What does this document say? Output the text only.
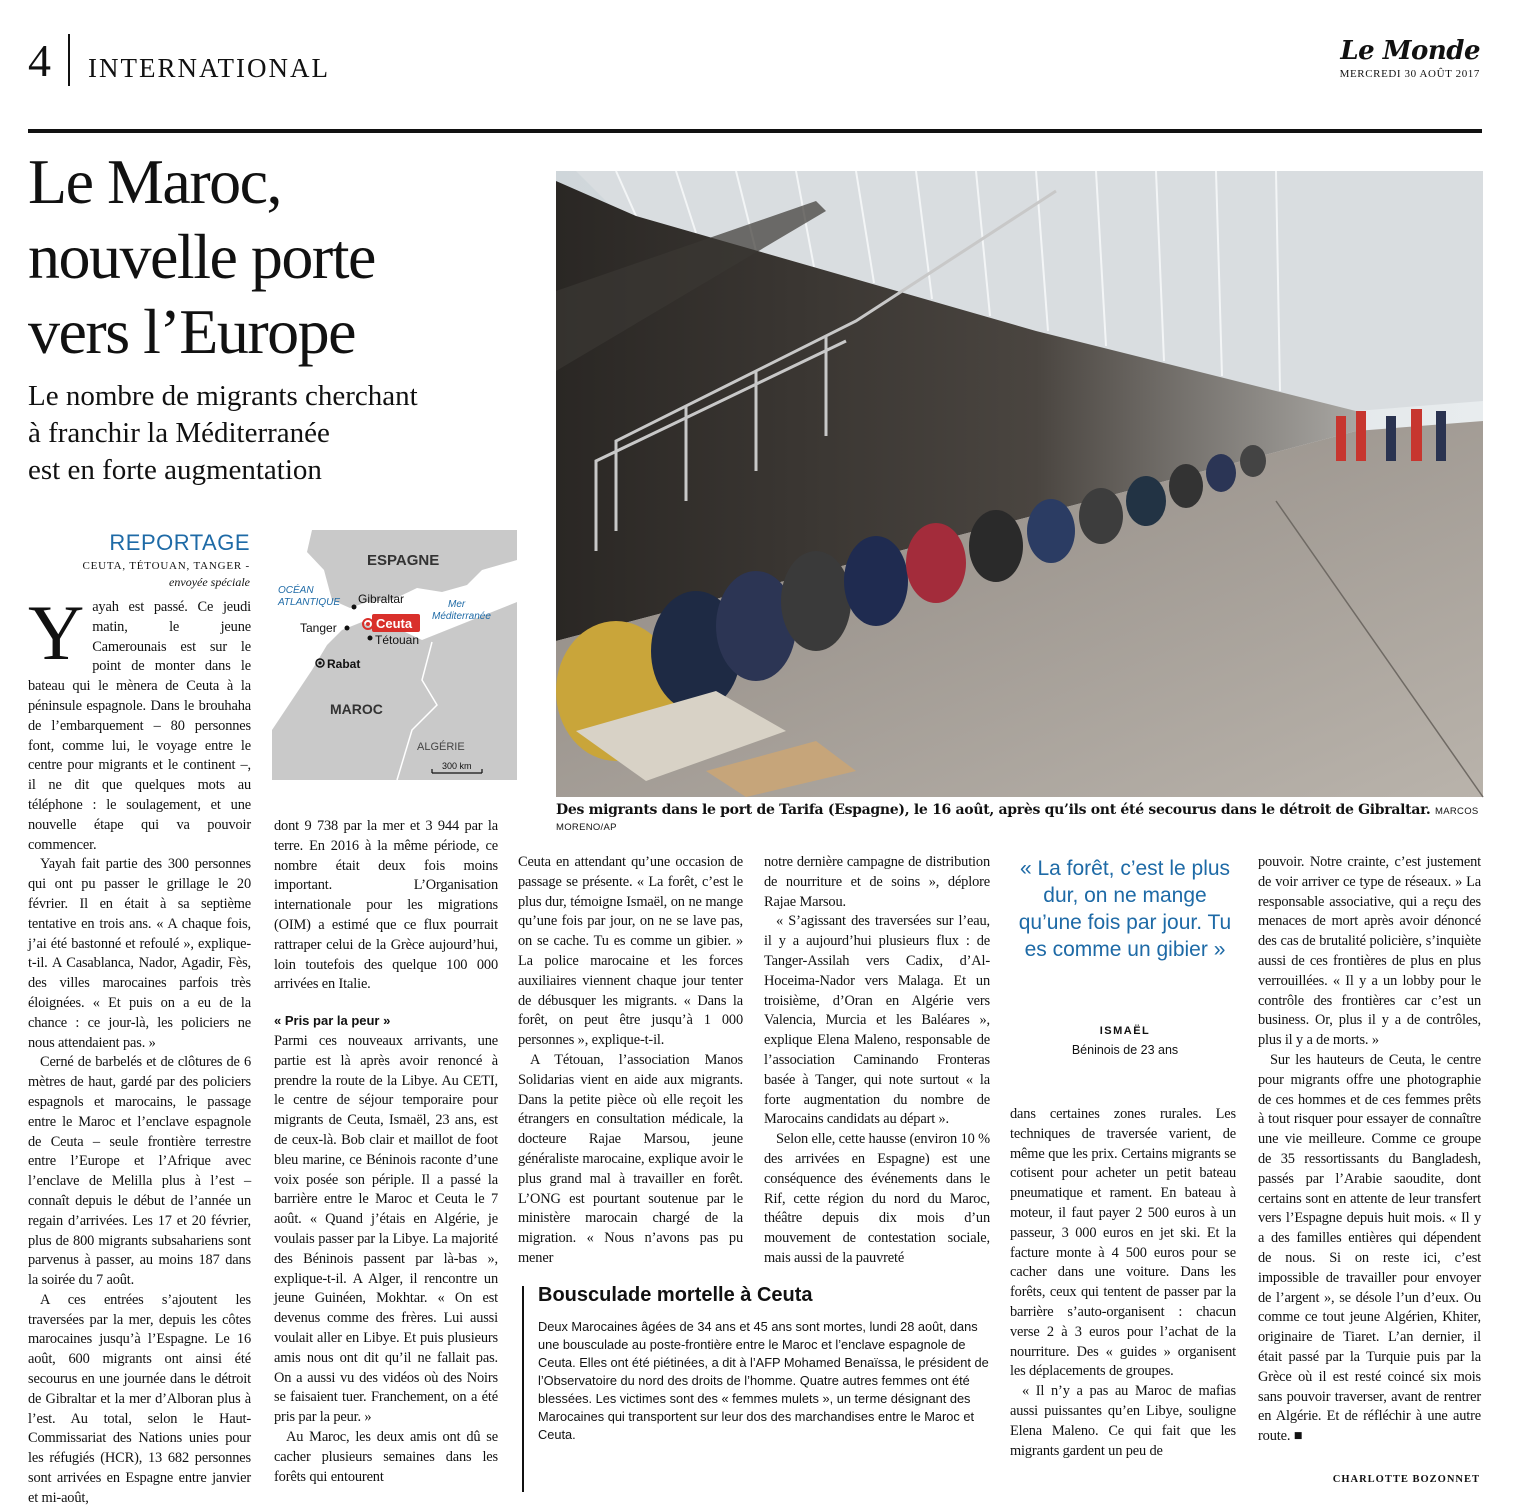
4 INTERNATIONAL
Le Monde
MERCREDI 30 AOÛT 2017
Le Maroc,
nouvelle porte
vers l’Europe
Le nombre de migrants cherchant
à franchir la Méditerranée
est en forte augmentation
REPORTAGE
CEUTA, TÉTOUAN, TANGER -
envoyée spéciale
ESPAGNE
OCÉAN
ATLANTIQUE	Mer
Méditerranée
Gibraltar
Tanger	Ceuta
Tétouan
Rabat
MAROC
ALGÉRIE
300 km
Des migrants dans le port de Tarifa (Espagne), le 16 août, après qu’ils ont été secourus dans le détroit de Gibraltar. MARCOS MORENO/AP

Yayah est passé. Ce jeudi matin, le jeune Camerounais est sur le point de monter dans le bateau qui le mènera de Ceuta à la péninsule espagnole. Dans le brouhaha de l’embarquement – 80 personnes font, comme lui, le voyage entre le centre pour migrants et le continent –, il ne dit que quelques mots au téléphone : le soulagement, et une nouvelle étape qui va pouvoir commencer.

Yayah fait partie des 300 personnes qui ont pu passer le grillage le 20 février. Il en était à sa septième tentative en trois ans. « A chaque fois, j’ai été bastonné et refoulé », explique-t-il. A Casablanca, Nador, Agadir, Fès, des villes marocaines parfois très éloignées. « Et puis on a eu de la chance : ce jour-là, les policiers ne nous attendaient pas. »

Cerné de barbelés et de clôtures de 6 mètres de haut, gardé par des policiers espagnols et marocains, le passage entre le Maroc et l’enclave espagnole de Ceuta – seule frontière terrestre entre l’Europe et l’Afrique avec l’enclave de Melilla plus à l’est – connaît depuis le début de l’année un regain d’arrivées. Les 17 et 20 février, plus de 800 migrants subsahariens sont parvenus à passer, au moins 187 dans la soirée du 7 août.

A ces entrées s’ajoutent les traversées par la mer, depuis les côtes marocaines jusqu’à l’Espagne. Le 16 août, 600 migrants ont ainsi été secourus en une journée dans le détroit de Gibraltar et la mer d’Alboran plus à l’est. Au total, selon le Haut-Commissariat des Nations unies pour les réfugiés (HCR), 13 682 personnes sont arrivées en Espagne entre janvier et mi-août,

dont 9 738 par la mer et 3 944 par la terre. En 2016 à la même période, ce nombre était deux fois moins important. L’Organisation internationale pour les migrations (OIM) a estimé que ce flux pourrait rattraper celui de la Grèce aujourd’hui, loin toutefois des quelque 100 000 arrivées en Italie.

« Pris par la peur »

Parmi ces nouveaux arrivants, une partie est là après avoir renoncé à prendre la route de la Libye. Au CETI, le centre de séjour temporaire pour migrants de Ceuta, Ismaël, 23 ans, est de ceux-là. Bob clair et maillot de foot bleu marine, ce Béninois raconte d’une voix posée son périple. Il a passé la barrière entre le Maroc et Ceuta le 7 août. « Quand j’étais en Algérie, je voulais passer par la Libye. La majorité des Béninois passent par là-bas », explique-t-il. A Alger, il rencontre un jeune Guinéen, Mokhtar. « On est devenus comme des frères. Lui aussi voulait aller en Libye. Et puis plusieurs amis nous ont dit qu’il ne fallait pas. On a aussi vu des vidéos où des Noirs se faisaient tuer. Franchement, on a été pris par la peur. »

Au Maroc, les deux amis ont dû se cacher plusieurs semaines dans les forêts qui entourent

Ceuta en attendant qu’une occasion de passage se présente. « La forêt, c’est le plus dur, témoigne Ismaël, on ne mange qu’une fois par jour, on ne se lave pas, on se cache. Tu es comme un gibier. » La police marocaine et les forces auxiliaires viennent chaque jour tenter de débusquer les migrants. « Dans la forêt, on peut être jusqu’à 1 000 personnes », explique-t-il.

A Tétouan, l’association Manos Solidarias vient en aide aux migrants. Dans la petite pièce où elle reçoit les étrangers en consultation médicale, la docteure Rajae Marsou, jeune généraliste marocaine, explique avoir le plus grand mal à travailler en forêt. L’ONG est pourtant soutenue par le ministère marocain chargé de la migration. « Nous n’avons pas pu mener

notre dernière campagne de distribution de nourriture et de soins », déplore Rajae Marsou.

« S’agissant des traversées sur l’eau, il y a aujourd’hui plusieurs flux : de Tanger-Assilah vers Cadix, d’Al-Hoceima-Nador vers Malaga. Et un troisième, d’Oran en Algérie vers Valencia, Murcia et les Baléares », explique Elena Maleno, responsable de l’association Caminando Fronteras basée à Tanger, qui note surtout « la forte augmentation du nombre de Marocains candidats au départ ».

Selon elle, cette hausse (environ 10 % des arrivées en Espagne) est une conséquence des événements dans le Rif, cette région du nord du Maroc, théâtre depuis dix mois d’un mouvement de contestation sociale, mais aussi de la pauvreté

« La forêt, c’est le plus dur, on ne mange qu’une fois par jour. Tu es comme un gibier »
ISMAËL
Béninois de 23 ans

dans certaines zones rurales. Les techniques de traversée varient, de même que les prix. Certains migrants se cotisent pour acheter un petit bateau pneumatique et rament. En bateau à moteur, il faut payer 2 500 euros à un passeur, 3 000 euros en jet ski. Et la facture monte à 4 500 euros pour se cacher dans une voiture. Dans les forêts, ceux qui tentent de passer par la barrière s’auto-organisent : chacun verse 2 à 3 euros pour l’achat de la nourriture. Des « guides » organisent les déplacements de groupes.

« Il n’y a pas au Maroc de mafias aussi puissantes qu’en Libye, souligne Elena Maleno. Ce qui fait que les migrants gardent un peu de

pouvoir. Notre crainte, c’est justement de voir arriver ce type de réseaux. » La responsable associative, qui a reçu des menaces de mort après avoir dénoncé des cas de brutalité policière, s’inquiète aussi de ces frontières de plus en plus verrouillées. « Il y a un lobby pour le contrôle des frontières car c’est un business. Or, plus il y a de contrôles, plus il y a de morts. »

Sur les hauteurs de Ceuta, le centre pour migrants offre une photographie de ces hommes et de ces femmes prêts à tout risquer pour essayer de connaître une vie meilleure. Comme ce groupe de 35 ressortissants du Bangladesh, passés par l’Arabie saoudite, dont certains sont en attente de leur transfert vers l’Espagne depuis huit mois. « Il y a des familles entières qui dépendent de nous. Si on reste ici, c’est impossible de travailler pour envoyer de l’argent », se désole l’un d’eux. Ou comme ce tout jeune Algérien, Khiter, originaire de Tiaret. L’an dernier, il était passé par la Turquie puis par la Grèce où il est resté coincé six mois sans pouvoir traverser, avant de rentrer en Algérie. Et de réfléchir à une autre route. ■

CHARLOTTE BOZONNET
Bousculade mortelle à Ceuta
Deux Marocaines âgées de 34 ans et 45 ans sont mortes, lundi 28 août, dans une bousculade au poste-frontière entre le Maroc et l’enclave espagnole de Ceuta. Elles ont été piétinées, a dit à l’AFP Mohamed Benaïssa, le président de l’Observatoire du nord des droits de l’homme. Quatre autres femmes ont été blessées. Les victimes sont des « femmes mulets », un terme désignant des Marocaines qui transportent sur leur dos des marchandises entre le Maroc et Ceuta.
